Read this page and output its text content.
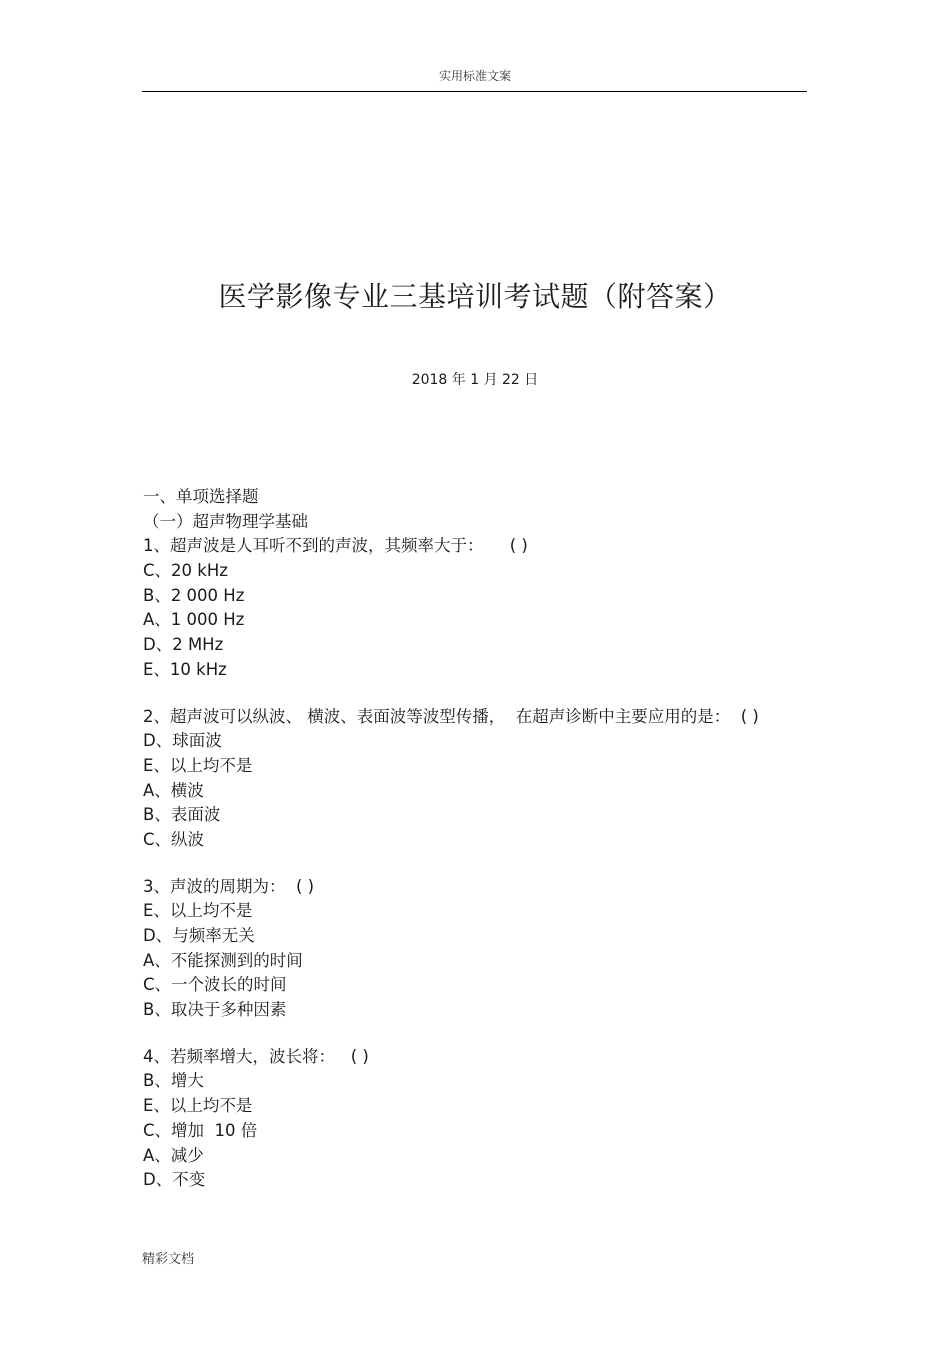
实用标准文案
医学影像专业三基培训考试题（附答案）
2018 年 1 月 22 日
一、单项选择题
（一）超声物理学基础
1、超声波是人耳听不到的声波，其频率大于：     ( )
C、20 kHz
B、2 000 Hz
A、1 000 Hz
D、2 MHz
E、10 kHz
2、超声波可以纵波、 横波、表面波等波型传播，  在超声诊断中主要应用的是：  ( )
D、球面波
E、以上均不是
A、横波
B、表面波
C、纵波
3、声波的周期为：  ( )
E、以上均不是
D、与频率无关
A、不能探测到的时间
C、一个波长的时间
B、取决于多种因素
4、若频率增大，波长将：   ( )
B、增大
E、以上均不是
C、增加  10 倍
A、减少
D、不变
精彩文档
